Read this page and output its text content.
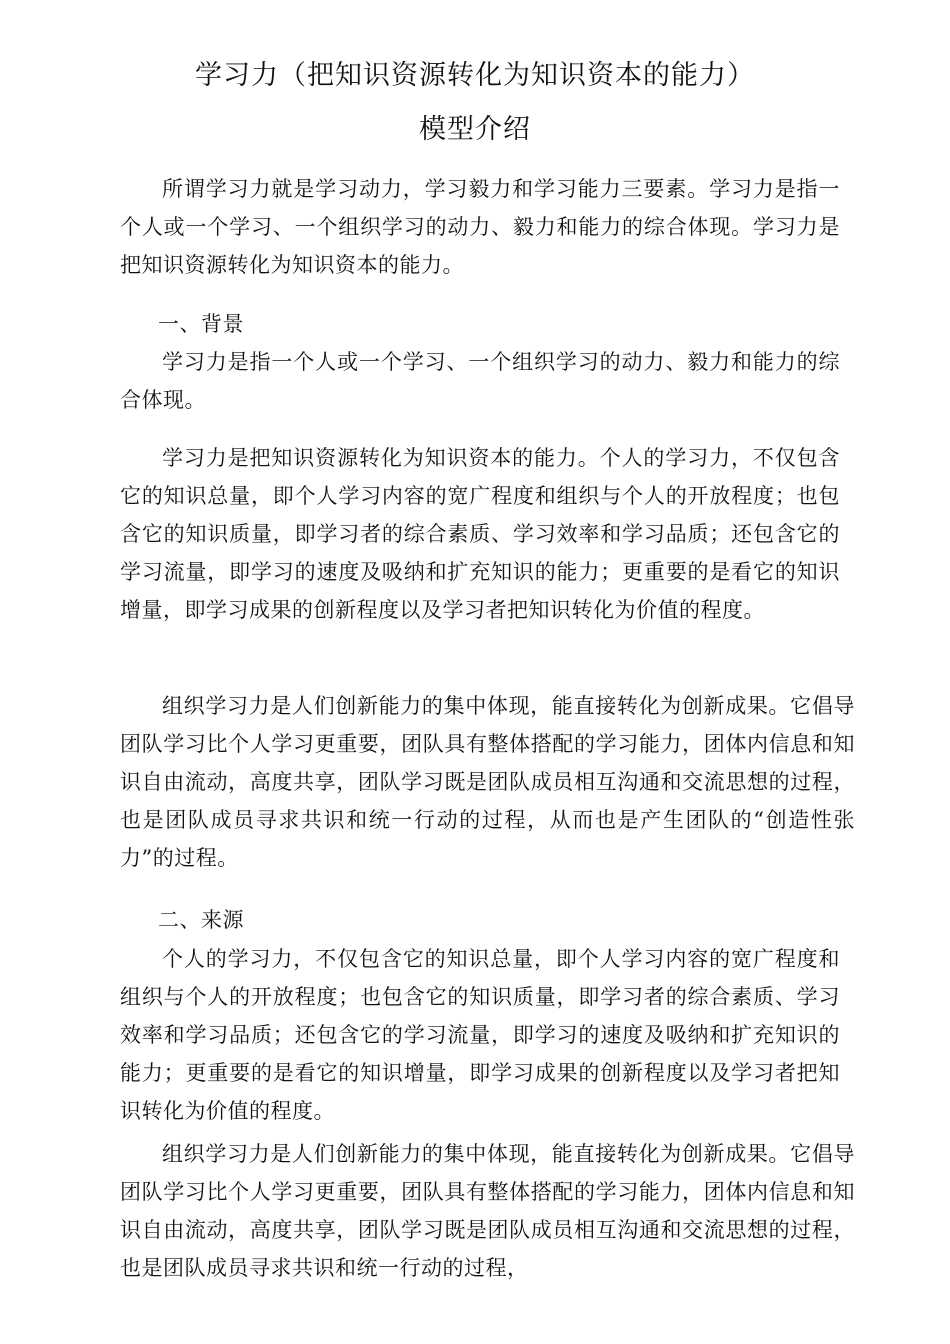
学习力（把知识资源转化为知识资本的能力）
模型介绍

所谓学习力就是学习动力，学习毅力和学习能力三要素。学习力是指一个人或一个学习、一个组织学习的动力、毅力和能力的综合体现。学习力是把知识资源转化为知识资本的能力。

一、背景

学习力是指一个人或一个学习、一个组织学习的动力、毅力和能力的综合体现。

学习力是把知识资源转化为知识资本的能力。个人的学习力，不仅包含它的知识总量，即个人学习内容的宽广程度和组织与个人的开放程度；也包含它的知识质量，即学习者的综合素质、学习效率和学习品质；还包含它的学习流量，即学习的速度及吸纳和扩充知识的能力；更重要的是看它的知识增量，即学习成果的创新程度以及学习者把知识转化为价值的程度。

组织学习力是人们创新能力的集中体现，能直接转化为创新成果。它倡导团队学习比个人学习更重要，团队具有整体搭配的学习能力，团体内信息和知识自由流动，高度共享，团队学习既是团队成员相互沟通和交流思想的过程，也是团队成员寻求共识和统一行动的过程，从而也是产生团队的“创造性张力”的过程。

二、来源

个人的学习力，不仅包含它的知识总量，即个人学习内容的宽广程度和组织与个人的开放程度；也包含它的知识质量，即学习者的综合素质、学习效率和学习品质；还包含它的学习流量，即学习的速度及吸纳和扩充知识的能力；更重要的是看它的知识增量，即学习成果的创新程度以及学习者把知识转化为价值的程度。

组织学习力是人们创新能力的集中体现，能直接转化为创新成果。它倡导团队学习比个人学习更重要，团队具有整体搭配的学习能力，团体内信息和知识自由流动，高度共享，团队学习既是团队成员相互沟通和交流思想的过程，也是团队成员寻求共识和统一行动的过程，
